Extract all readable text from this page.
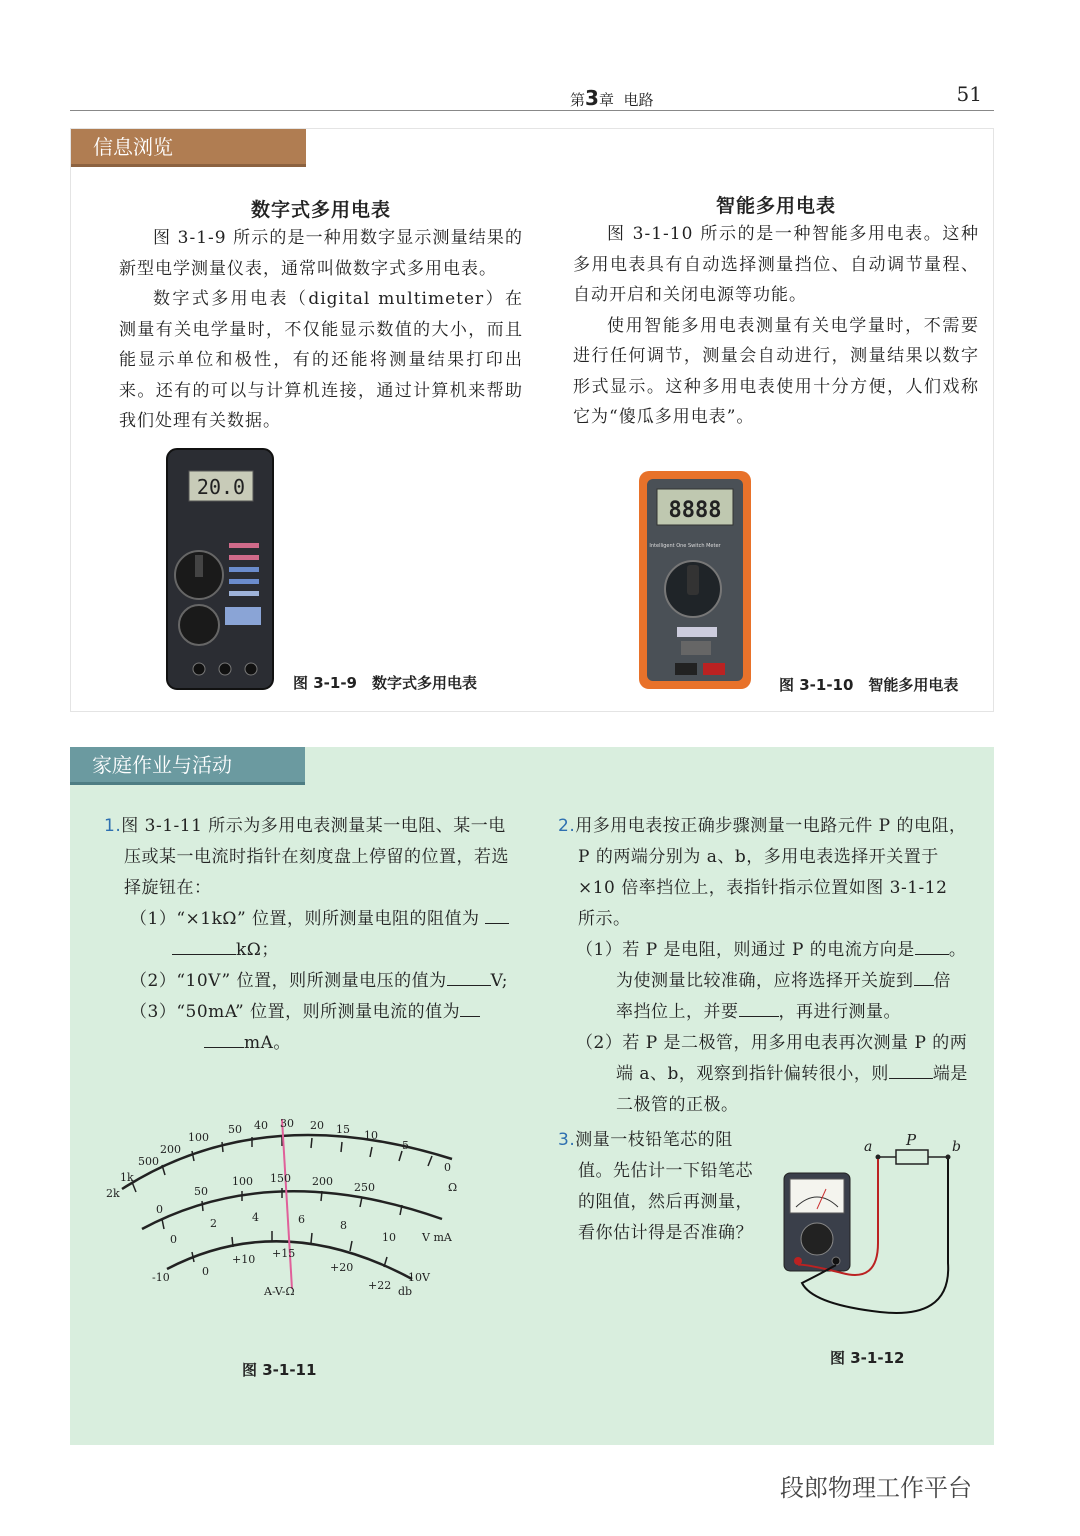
第3章 电路	51
信息浏览
数字式多用电表

图 3-1-9 所示的是一种用数字显示测量结果的新型电学测量仪表，通常叫做数字式多用电表。

数字式多用电表（digital multimeter）在测量有关电学量时，不仅能显示数值的大小，而且能显示单位和极性，有的还能将测量结果打印出来。还有的可以与计算机连接，通过计算机来帮助我们处理有关数据。

智能多用电表

图 3-1-10 所示的是一种智能多用电表。这种多用电表具有自动选择测量挡位、自动调节量程、自动开启和关闭电源等功能。

使用智能多用电表测量有关电学量时，不需要进行任何调节，测量会自动进行，测量结果以数字形式显示。这种多用电表使用十分方便，人们戏称它为“傻瓜多用电表”。

20.0
图 3-1-9　数字式多用电表
8888
Intelligent One Switch Meter
图 3-1-10　智能多用电表
家庭作业与活动
1.图 3-1-11 所示为多用电表测量某一电阻、某一电压或某一电流时指针在刻度盘上停留的位置，若选择旋钮在：
（1）“×1kΩ” 位置，则所测量电阻的阻值为
kΩ；
（2）“10V” 位置，则所测量电压的值为	V;
（3）“50mA” 位置，则所测量电流的值为
mA。
2k
1k
500
200
100
50 40 30 20 15 10
5
0
Ω
0
50
100 150 200 250
0
2	4	6	8
10 V mA
-10	0
+10 +15
+20
+22
10V
db
A-V-Ω
图 3-1-11
2.用多用电表按正确步骤测量一电路元件 P 的电阻，P 的两端分别为 a、b，多用电表选择开关置于 ×10 倍率挡位上，表指针指示位置如图 3-1-12 所示。
（1）若 P 是电阻，则通过 P 的电流方向是 。为使测量比较准确，应将选择开关旋到 倍率挡位上，并要 ，再进行测量。
（2）若 P 是二极管，用多用电表再次测量 P 的两端 a、b，观察到指针偏转很小，则	端是二极管的正极。
3.测量一枝铅笔芯的阻值。先估计一下铅笔芯的阻值，然后再测量，看你估计得是否准确？
a P	b
图 3-1-12
段郎物理工作平台
